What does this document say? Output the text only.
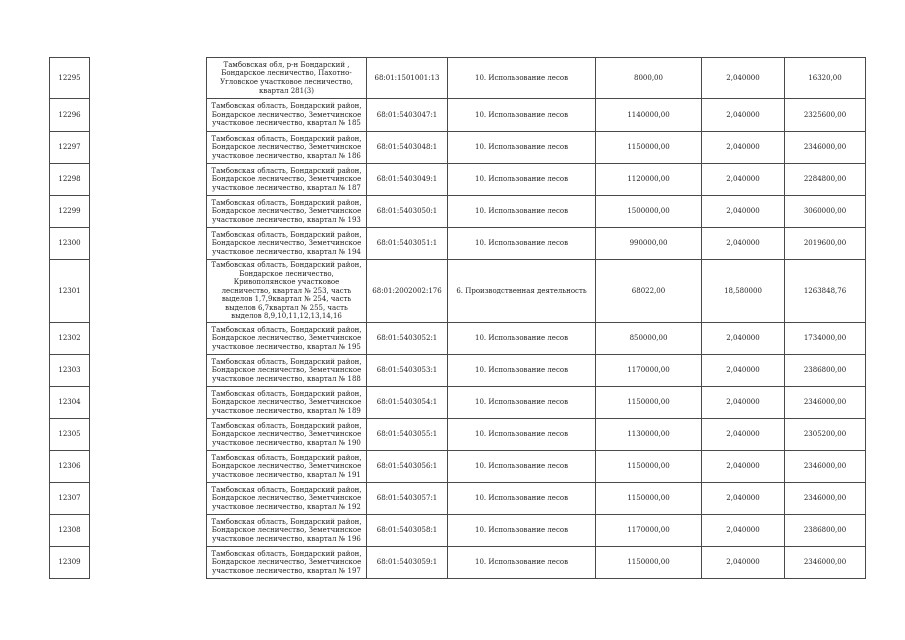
12295		Тамбовская обл, р-н Бондарский , Бондарское лесничество, Пахотно-Угловское участковое лесничество, квартал 281(3)	68:01:1501001:13	10. Использование лесов	8000,00	2,040000	16320,00
12296		Тамбовская область, Бондарский район, Бондарское лесничество, Земетчинское участковое лесничество, квартал № 185	68:01:5403047:1	10. Использование лесов	1140000,00	2,040000	2325600,00
12297		Тамбовская область, Бондарский район, Бондарское лесничество, Земетчинское участковое лесничество, квартал № 186	68:01:5403048:1	10. Использование лесов	1150000,00	2,040000	2346000,00
12298		Тамбовская область, Бондарский район, Бондарское лесничество, Земетчинское участковое лесничество, квартал № 187	68:01:5403049:1	10. Использование лесов	1120000,00	2,040000	2284800,00
12299		Тамбовская область, Бондарский район, Бондарское лесничество, Земетчинское участковое лесничество, квартал № 193	68:01:5403050:1	10. Использование лесов	1500000,00	2,040000	3060000,00
12300		Тамбовская область, Бондарский район, Бондарское лесничество, Земетчинское участковое лесничество, квартал № 194	68:01:5403051:1	10. Использование лесов	990000,00	2,040000	2019600,00
12301		Тамбовская область, Бондарский район, Бондарское лесничество, Кривополянское участковое лесничество, квартал № 253, часть выделов 1,7,9квартал № 254, часть выделов 6,7квартал № 255, часть выделов 8,9,10,11,12,13,14,16	68:01:2002002:176	6. Производственная деятельность	68022,00	18,580000	1263848,76
12302		Тамбовская область, Бондарский район, Бондарское лесничество, Земетчинское участковое лесничество, квартал № 195	68:01:5403052:1	10. Использование лесов	850000,00	2,040000	1734000,00
12303		Тамбовская область, Бондарский район, Бондарское лесничество, Земетчинское участковое лесничество, квартал № 188	68:01:5403053:1	10. Использование лесов	1170000,00	2,040000	2386800,00
12304		Тамбовская область, Бондарский район, Бондарское лесничество, Земетчинское участковое лесничество, квартал № 189	68:01:5403054:1	10. Использование лесов	1150000,00	2,040000	2346000,00
12305		Тамбовская область, Бондарский район, Бондарское лесничество, Земетчинское участковое лесничество, квартал № 190	68:01:5403055:1	10. Использование лесов	1130000,00	2,040000	2305200,00
12306		Тамбовская область, Бондарский район, Бондарское лесничество, Земетчинское участковое лесничество, квартал № 191	68:01:5403056:1	10. Использование лесов	1150000,00	2,040000	2346000,00
12307		Тамбовская область, Бондарский район, Бондарское лесничество, Земетчинское участковое лесничество, квартал № 192	68:01:5403057:1	10. Использование лесов	1150000,00	2,040000	2346000,00
12308		Тамбовская область, Бондарский район, Бондарское лесничество, Земетчинское участковое лесничество, квартал № 196	68:01:5403058:1	10. Использование лесов	1170000,00	2,040000	2386800,00
12309		Тамбовская область, Бондарский район, Бондарское лесничество, Земетчинское участковое лесничество, квартал № 197	68:01:5403059:1	10. Использование лесов	1150000,00	2,040000	2346000,00
